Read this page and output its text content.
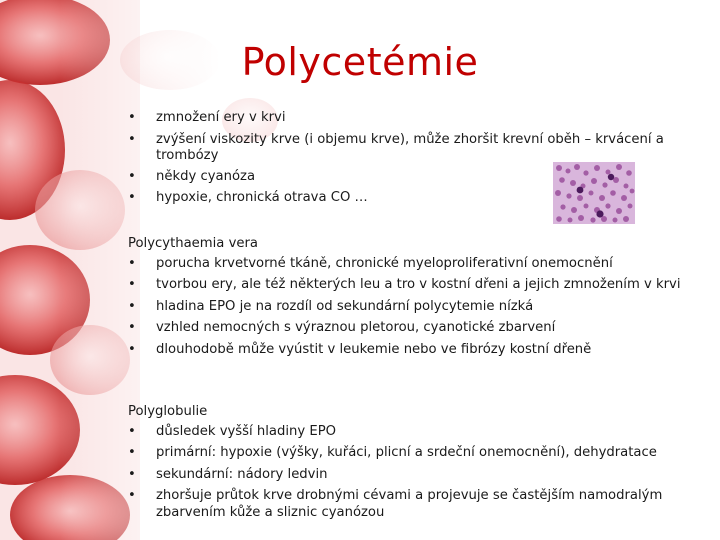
Polycetémie
•	zmnožení ery v krvi
•	zvýšení viskozity krve (i objemu krve), může zhoršit krevní oběh – krvácení a trombózy
•	někdy cyanóza
•	hypoxie, chronická otrava CO …
Polycythaemia vera
•	porucha krvetvorné tkáně, chronické myeloproliferativní onemocnění
•	tvorbou ery, ale též některých leu a tro v kostní dřeni a jejich zmnožením v krvi
•	hladina EPO je na rozdíl od sekundární polycytemie nízká
•	vzhled nemocných s výraznou pletorou, cyanotické zbarvení
•	dlouhodobě může vyústit v leukemie nebo ve fibrózy kostní dřeně
Polyglobulie
•	důsledek vyšší hladiny EPO
•	primární: hypoxie (výšky, kuřáci, plicní a srdeční onemocnění), dehydratace
•	sekundární: nádory ledvin
•	zhoršuje průtok krve drobnými cévami a projevuje se častějším namodralým zbarvením kůže a sliznic cyanózou
